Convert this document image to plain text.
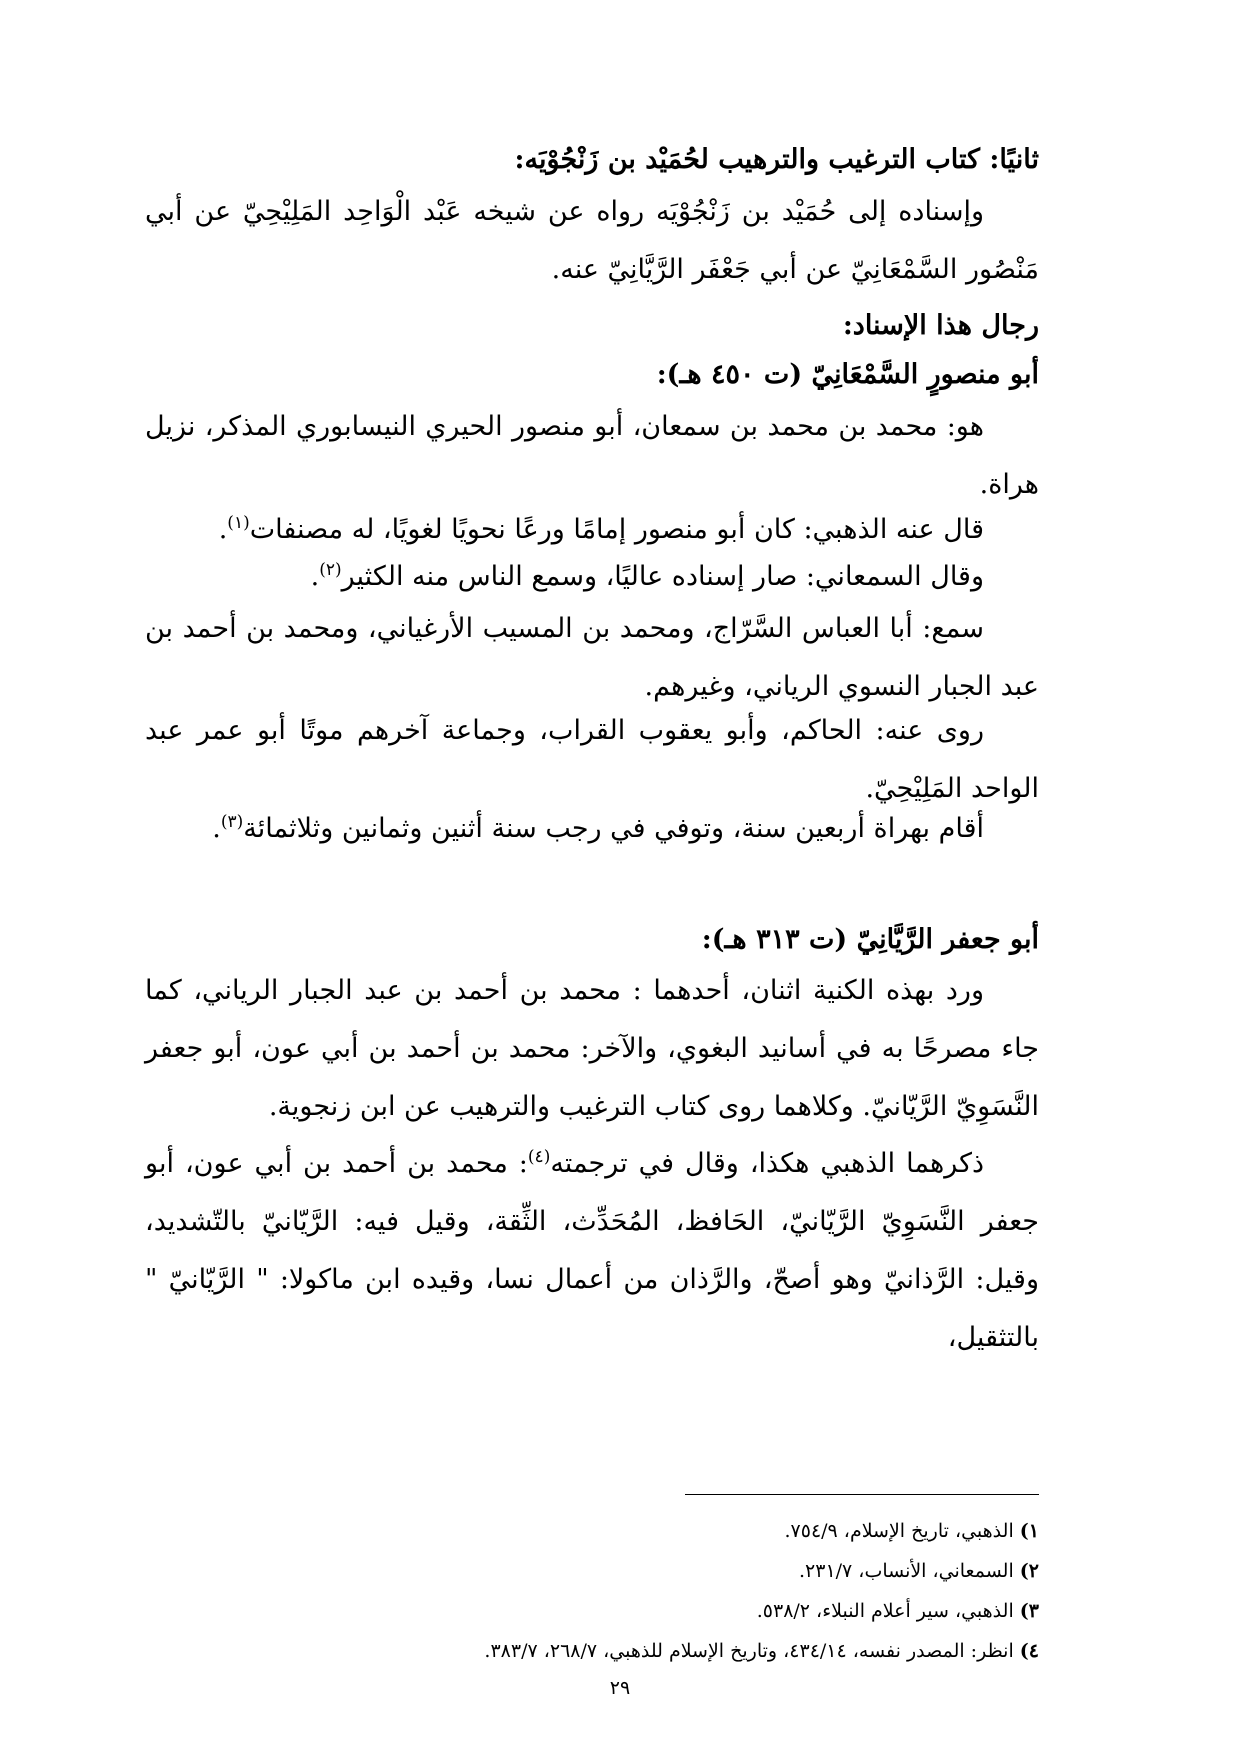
ثانيًا: كتاب الترغيب والترهيب لحُمَيْد بن زَنْجُوْيَه:
وإسناده إلى حُمَيْد بن زَنْجُوْيَه رواه عن شيخه عَبْد الْوَاحِد المَلِيْحِيّ عن أبي مَنْصُور السَّمْعَانِيّ عن أبي جَعْفَر الرَّيَّانِيّ عنه.
رجال هذا الإسناد:
أبو منصورٍ السَّمْعَانِيّ (ت ٤٥٠ هـ):
هو: محمد بن محمد بن سمعان، أبو منصور الحيري النيسابوري المذكر، نزيل هراة.
قال عنه الذهبي: كان أبو منصور إمامًا ورعًا نحويًا لغويًا، له مصنفات$^{(١)}$.
وقال السمعاني: صار إسناده عاليًا، وسمع الناس منه الكثير$^{(٢)}$.
سمع: أبا العباس السَّرّاج، ومحمد بن المسيب الأرغياني، ومحمد بن أحمد بن عبد الجبار النسوي الرياني، وغيرهم.
روى عنه: الحاكم، وأبو يعقوب القراب، وجماعة آخرهم موتًا أبو عمر عبد الواحد المَلِيْحِيّ.
أقام بهراة أربعين سنة، وتوفي في رجب سنة أثنين وثمانين وثلاثمائة$^{(٣)}$.
أبو جعفر الرَّيَّانِيّ (ت ٣١٣ هـ):
ورد بهذه الكنية اثنان، أحدهما : محمد بن أحمد بن عبد الجبار الرياني، كما جاء مصرحًا به في أسانيد البغوي، والآخر: محمد بن أحمد بن أبي عون، أبو جعفر النَّسَوِيّ الرَّيّانيّ. وكلاهما روى كتاب الترغيب والترهيب عن ابن زنجوية.
ذكرهما الذهبي هكذا، وقال في ترجمته$^{(٤)}$: محمد بن أحمد بن أبي عون، أبو جعفر النَّسَوِيّ الرَّيّانيّ، الحَافظ، المُحَدِّث، الثِّقة، وقيل فيه: الرَّيّانيّ بالتّشديد، وقيل: الرَّذانيّ وهو أصحّ، والرَّذان من أعمال نسا، وقيده ابن ماكولا: " الرَّيّانيّ " بالتثقيل،
١) الذهبي، تاريخ الإسلام، ٧٥٤/٩.
٢) السمعاني، الأنساب، ٢٣١/٧.
٣) الذهبي، سير أعلام النبلاء، ٥٣٨/٢.
٤) انظر: المصدر نفسه، ٤٣٤/١٤، وتاريخ الإسلام للذهبي، ٢٦٨/٧، ٣٨٣/٧.
٢٩
